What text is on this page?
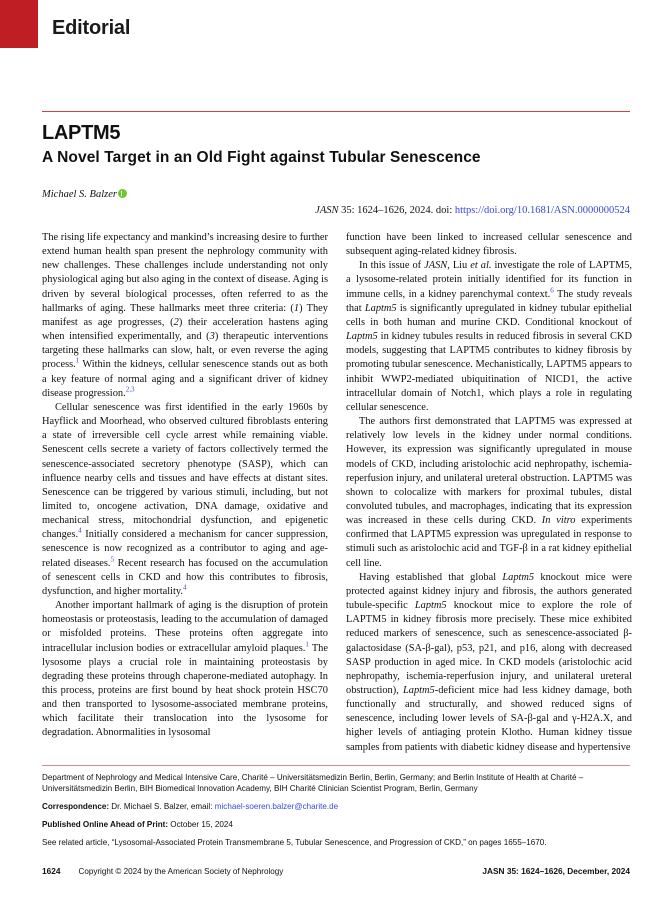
Editorial
LAPTM5
A Novel Target in an Old Fight against Tubular Senescence
Michael S. Balzer
JASN 35: 1624–1626, 2024. doi: https://doi.org/10.1681/ASN.0000000524

The rising life expectancy and mankind’s increasing desire to further extend human health span present the nephrology community with new challenges. These challenges include understanding not only physiological aging but also aging in the context of disease. Aging is driven by several biological processes, often referred to as the hallmarks of aging. These hallmarks meet three criteria: (1) They manifest as age progresses, (2) their acceleration hastens aging when intensified experimentally, and (3) therapeutic interventions targeting these hallmarks can slow, halt, or even reverse the aging process.$^1$ Within the kidneys, cellular senescence stands out as both a key feature of normal aging and a significant driver of kidney disease progression.$^{2,3}$

Cellular senescence was first identified in the early 1960s by Hayflick and Moorhead, who observed cultured fibroblasts entering a state of irreversible cell cycle arrest while remaining viable. Senescent cells secrete a variety of factors collectively termed the senescence-associated secretory phenotype (SASP), which can influence nearby cells and tissues and have effects at distant sites. Senescence can be triggered by various stimuli, including, but not limited to, oncogene activation, DNA damage, oxidative and mechanical stress, mitochondrial dysfunction, and epigenetic changes.$^4$ Initially considered a mechanism for cancer suppression, senescence is now recognized as a contributor to aging and age-related diseases.$^5$ Recent research has focused on the accumulation of senescent cells in CKD and how this contributes to fibrosis, dysfunction, and higher mortality.$^4$

Another important hallmark of aging is the disruption of protein homeostasis or proteostasis, leading to the accumulation of damaged or misfolded proteins. These proteins often aggregate into intracellular inclusion bodies or extracellular amyloid plaques.$^1$ The lysosome plays a crucial role in maintaining proteostasis by degrading these proteins through chaperone-mediated autophagy. In this process, proteins are first bound by heat shock protein HSC70 and then transported to lysosome-associated membrane proteins, which facilitate their translocation into the lysosome for degradation. Abnormalities in lysosomal

function have been linked to increased cellular senescence and subsequent aging-related kidney fibrosis.

In this issue of JASN, Liu et al. investigate the role of LAPTM5, a lysosome-related protein initially identified for its function in immune cells, in a kidney parenchymal context.$^6$ The study reveals that Laptm5 is significantly upregulated in kidney tubular epithelial cells in both human and murine CKD. Conditional knockout of Laptm5 in kidney tubules results in reduced fibrosis in several CKD models, suggesting that LAPTM5 contributes to kidney fibrosis by promoting tubular senescence. Mechanistically, LAPTM5 appears to inhibit WWP2-mediated ubiquitination of NICD1, the active intracellular domain of Notch1, which plays a role in regulating cellular senescence.

The authors first demonstrated that LAPTM5 was expressed at relatively low levels in the kidney under normal conditions. However, its expression was significantly upregulated in mouse models of CKD, including aristolochic acid nephropathy, ischemia-reperfusion injury, and unilateral ureteral obstruction. LAPTM5 was shown to colocalize with markers for proximal tubules, distal convoluted tubules, and macrophages, indicating that its expression was increased in these cells during CKD. In vitro experiments confirmed that LAPTM5 expression was upregulated in response to stimuli such as aristolochic acid and TGF-β in a rat kidney epithelial cell line.

Having established that global Laptm5 knockout mice were protected against kidney injury and fibrosis, the authors generated tubule-specific Laptm5 knockout mice to explore the role of LAPTM5 in kidney fibrosis more precisely. These mice exhibited reduced markers of senescence, such as senescence-associated β-galactosidase (SA-β-gal), p53, p21, and p16, along with decreased SASP production in aged mice. In CKD models (aristolochic acid nephropathy, ischemia-reperfusion injury, and unilateral ureteral obstruction), Laptm5-deficient mice had less kidney damage, both functionally and structurally, and showed reduced signs of senescence, including lower levels of SA-β-gal and γ-H2A.X, and higher levels of antiaging protein Klotho. Human kidney tissue samples from patients with diabetic kidney disease and hypertensive

Department of Nephrology and Medical Intensive Care, Charité – Universitätsmedizin Berlin, Berlin, Germany; and Berlin Institute of Health at Charité – Universitätsmedizin Berlin, BIH Biomedical Innovation Academy, BIH Charité Clinician Scientist Program, Berlin, Germany

Correspondence: Dr. Michael S. Balzer, email: michael-soeren.balzer@charite.de

Published Online Ahead of Print: October 15, 2024

See related article, “Lysosomal-Associated Protein Transmembrane 5, Tubular Senescence, and Progression of CKD,” on pages 1655–1670.

1624 Copyright © 2024 by the American Society of Nephrology	JASN 35: 1624–1626, December, 2024
